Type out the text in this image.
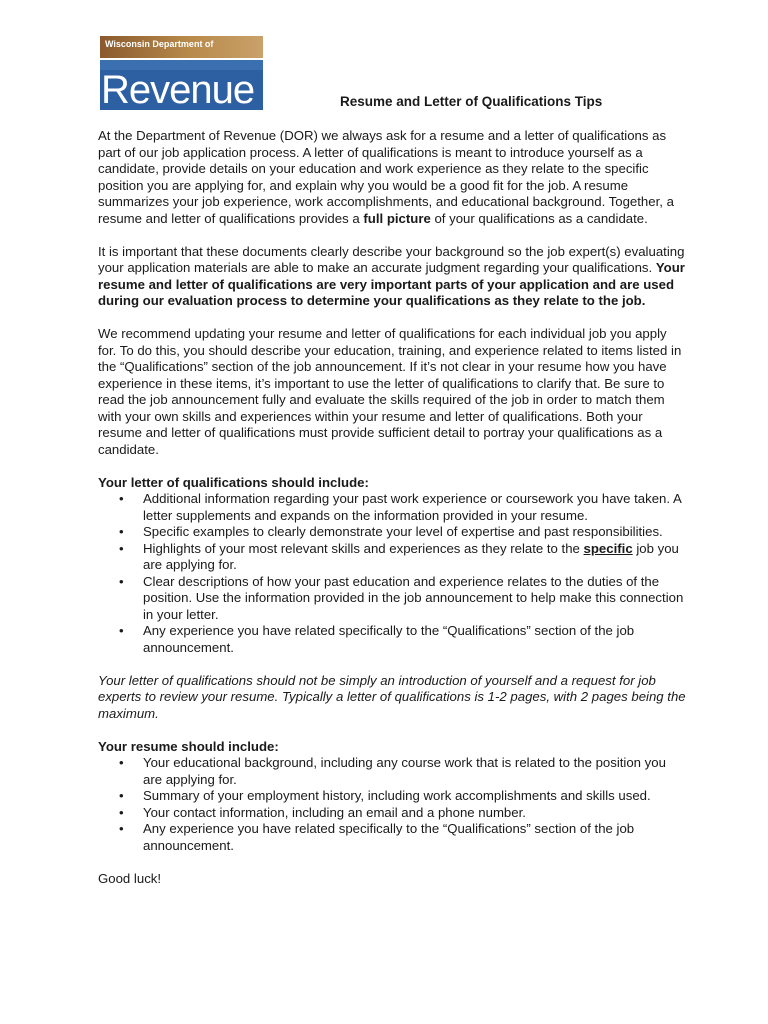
Wisconsin Department of
Revenue	Resume and Letter of Qualifications Tips

At the Department of Revenue (DOR) we always ask for a resume and a letter of qualifications as part of our job application process. A letter of qualifications is meant to introduce yourself as a candidate, provide details on your education and work experience as they relate to the specific position you are applying for, and explain why you would be a good fit for the job. A resume summarizes your job experience, work accomplishments, and educational background. Together, a resume and letter of qualifications provides a full picture of your qualifications as a candidate.

It is important that these documents clearly describe your background so the job expert(s) evaluating your application materials are able to make an accurate judgment regarding your qualifications. Your resume and letter of qualifications are very important parts of your application and are used during our evaluation process to determine your qualifications as they relate to the job.

We recommend updating your resume and letter of qualifications for each individual job you apply for. To do this, you should describe your education, training, and experience related to items listed in the “Qualifications” section of the job announcement. If it’s not clear in your resume how you have experience in these items, it’s important to use the letter of qualifications to clarify that. Be sure to read the job announcement fully and evaluate the skills required of the job in order to match them with your own skills and experiences within your resume and letter of qualifications. Both your resume and letter of qualifications must provide sufficient detail to portray your qualifications as a candidate.

Your letter of qualifications should include:

• Additional information regarding your past work experience or coursework you have taken. A letter supplements and expands on the information provided in your resume.
• Specific examples to clearly demonstrate your level of expertise and past responsibilities.
• Highlights of your most relevant skills and experiences as they relate to the specific job you are applying for.
• Clear descriptions of how your past education and experience relates to the duties of the position. Use the information provided in the job announcement to help make this connection in your letter.
• Any experience you have related specifically to the “Qualifications” section of the job announcement.

Your letter of qualifications should not be simply an introduction of yourself and a request for job experts to review your resume. Typically a letter of qualifications is 1-2 pages, with 2 pages being the maximum.

Your resume should include:

• Your educational background, including any course work that is related to the position you are applying for.
• Summary of your employment history, including work accomplishments and skills used.
• Your contact information, including an email and a phone number.
• Any experience you have related specifically to the “Qualifications” section of the job announcement.

Good luck!
